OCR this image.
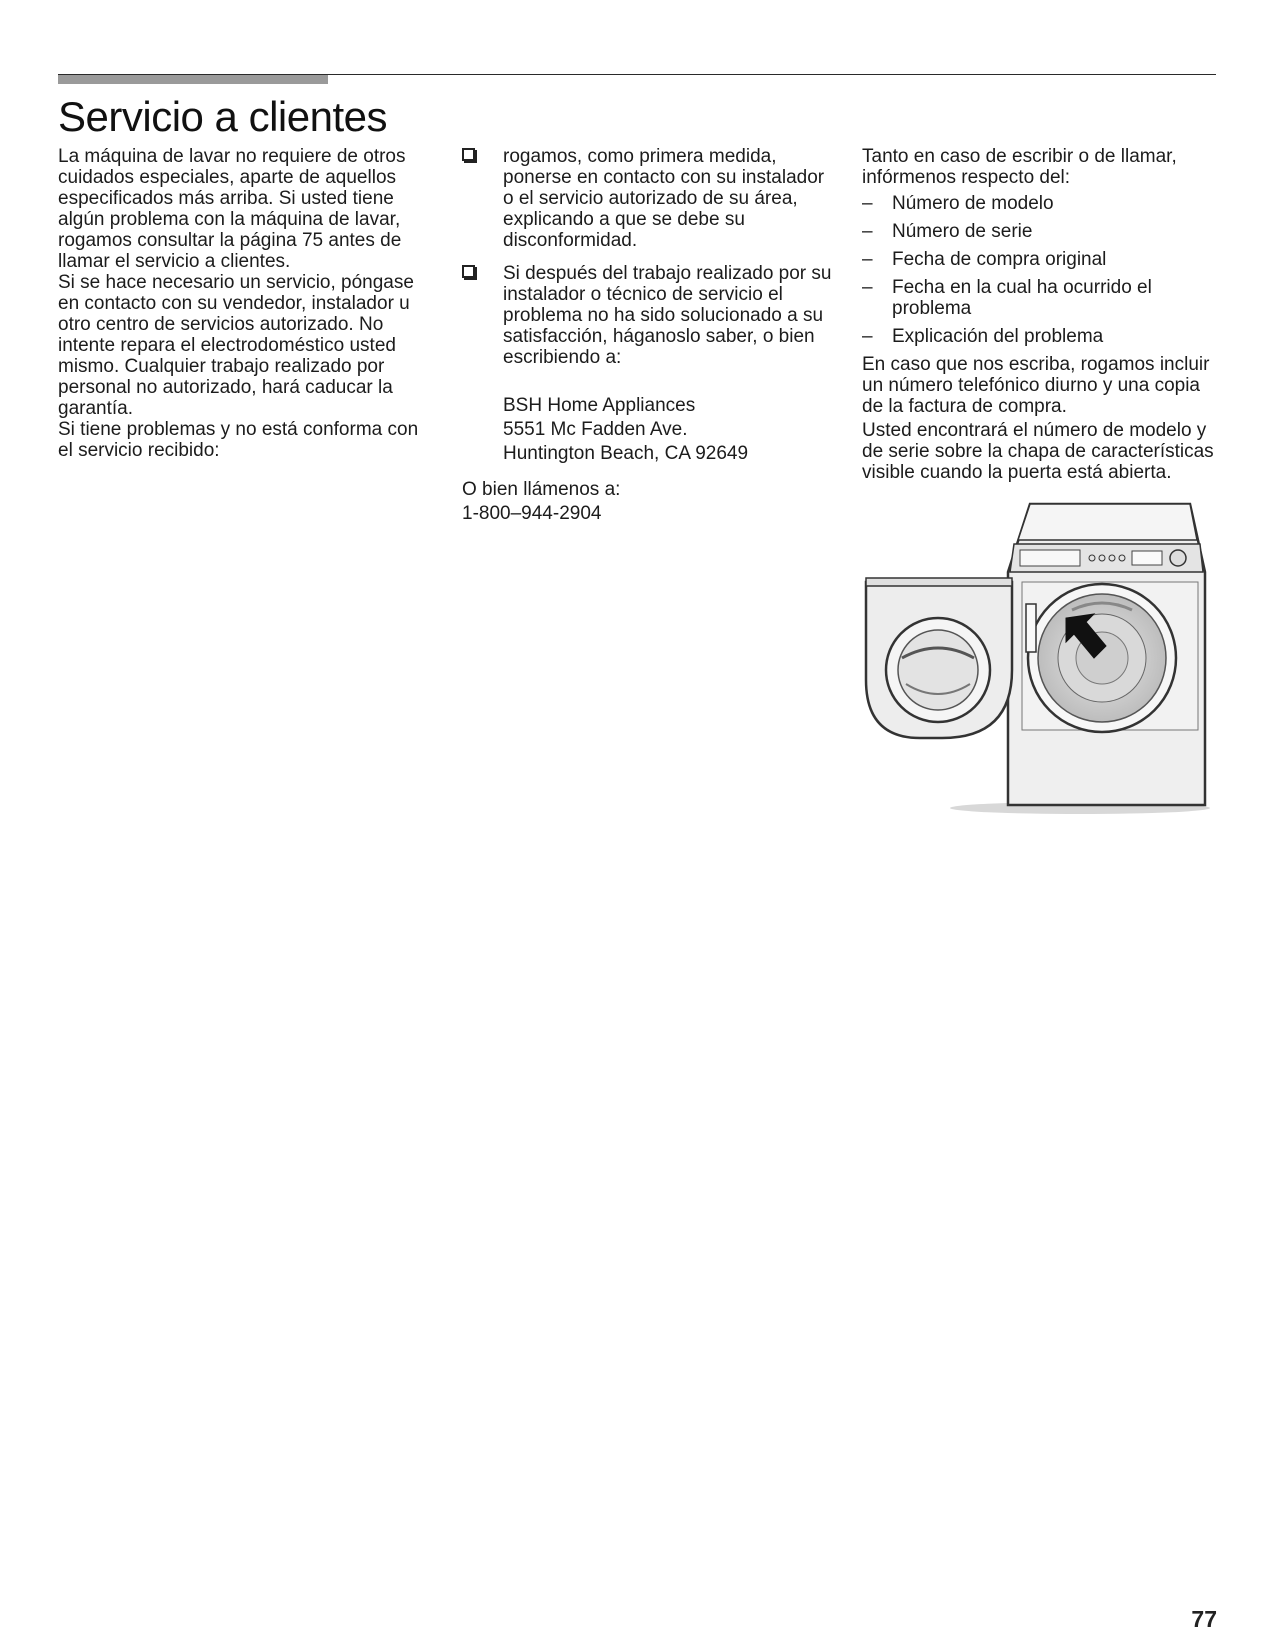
Servicio a clientes

La máquina de lavar no requiere de otros cuidados especiales, aparte de aquellos especificados más arriba. Si usted tiene algún problema con la máquina de lavar, rogamos consultar la página 75 antes de llamar el servicio a clientes.

Si se hace necesario un servicio, póngase en contacto con su vendedor, instalador u otro centro de servicios autorizado. No intente repara el electrodoméstico usted mismo. Cualquier trabajo realizado por personal no autorizado, hará caducar la garantía.

Si tiene problemas y no está conforma con el servicio recibido:

rogamos, como primera medida, ponerse en contacto con su instalador o el servicio autorizado de su área, explicando a que se debe su disconformidad.
Si después del trabajo realizado por su instalador o técnico de servicio el problema no ha sido solucionado a su satisfacción, háganoslo saber, o bien escribiendo a:
BSH Home Appliances
5551 Mc Fadden Ave.
Huntington Beach, CA 92649
O bien llámenos a:
1-800–944-2904

Tanto en caso de escribir o de llamar, infórmenos respecto del:

– Número de modelo
– Número de serie
– Fecha de compra original
– Fecha en la cual ha ocurrido el problema
– Explicación del problema

En caso que nos escriba, rogamos incluir un número telefónico diurno y una copia de la factura de compra.

Usted encontrará el número de modelo y de serie sobre la chapa de características visible cuando la puerta está abierta.

77
